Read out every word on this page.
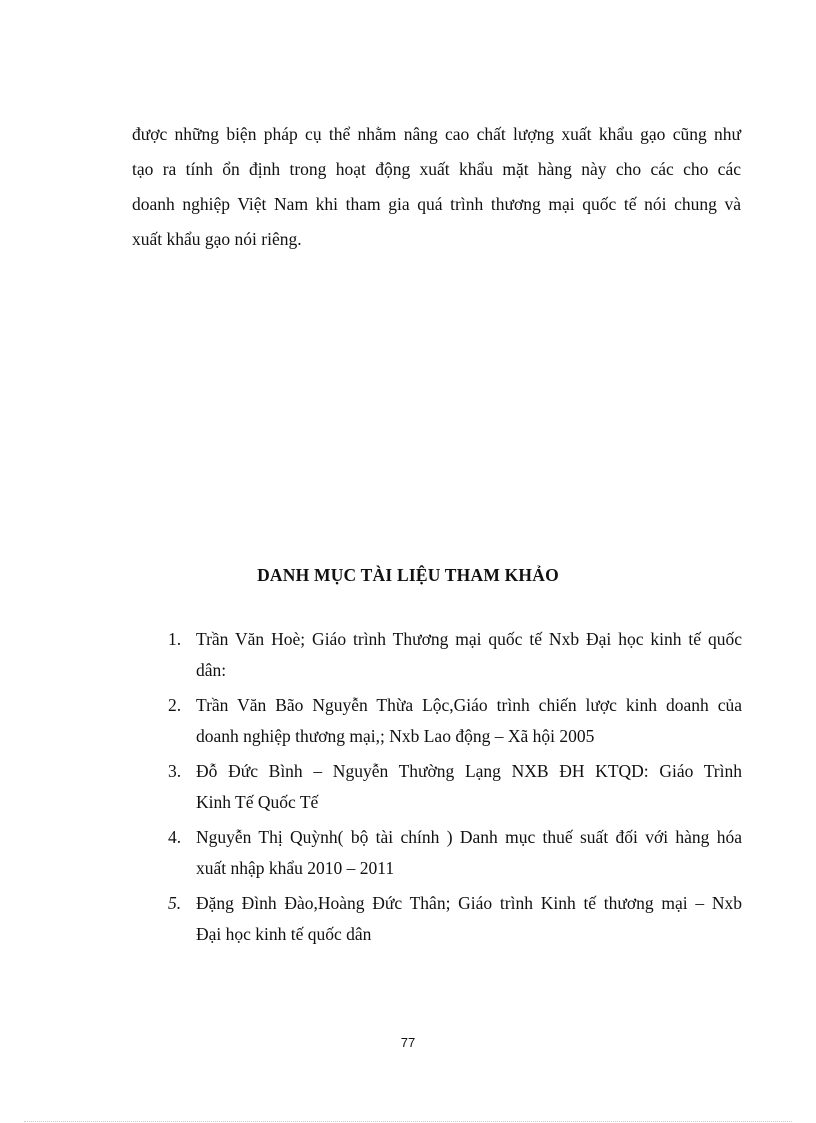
được những biện pháp cụ thể nhằm nâng cao chất lượng xuất khẩu gạo cũng như
tạo ra tính ổn định trong hoạt động xuất khẩu mặt hàng này cho các cho các
doanh nghiệp Việt Nam khi tham gia quá trình thương mại quốc tế nói chung và
xuất khẩu gạo nói riêng.

DANH MỤC TÀI LIỆU THAM KHẢO
1. Trần Văn Hoè; Giáo trình Thương mại quốc tế Nxb Đại học kinh tế quốc
dân:
2. Trần Văn Bão Nguyễn Thừa Lộc,Giáo trình chiến lược kinh doanh của
doanh nghiệp thương mại,; Nxb Lao động – Xã hội 2005
3. Đỗ Đức Bình – Nguyễn Thường Lạng NXB ĐH KTQD: Giáo Trình
Kinh Tế Quốc Tế
4. Nguyễn Thị Quỳnh( bộ tài chính ) Danh mục thuế suất đối với hàng hóa
xuất nhập khẩu 2010 – 2011
5. Đặng Đình Đào,Hoàng Đức Thân; Giáo trình Kinh tế thương mại – Nxb
Đại học kinh tế quốc dân
77
